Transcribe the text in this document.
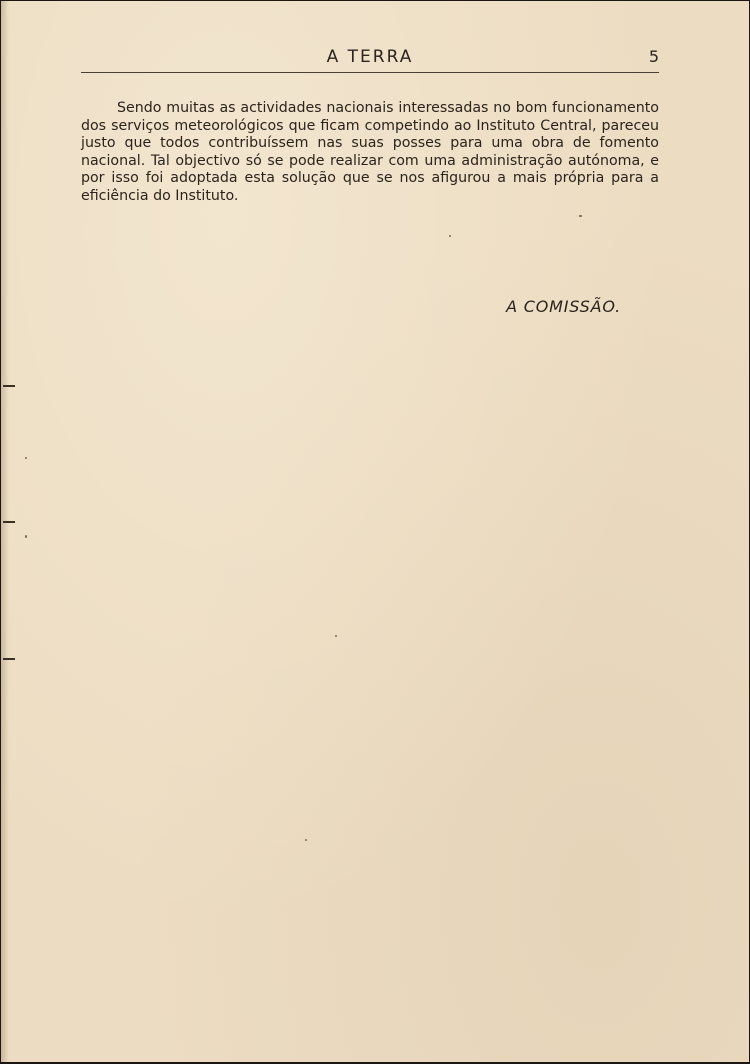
A TERRA	5

Sendo muitas as actividades nacionais interessadas no bom funcionamento dos serviços meteorológicos que ficam competindo ao Instituto Central, pareceu justo que todos contribuíssem nas suas posses para uma obra de fomento nacional. Tal objectivo só se pode realizar com uma administração autónoma, e por isso foi adoptada esta solução que se nos afigurou a mais própria para a eficiência do Instituto.

A COMISSÃO.
